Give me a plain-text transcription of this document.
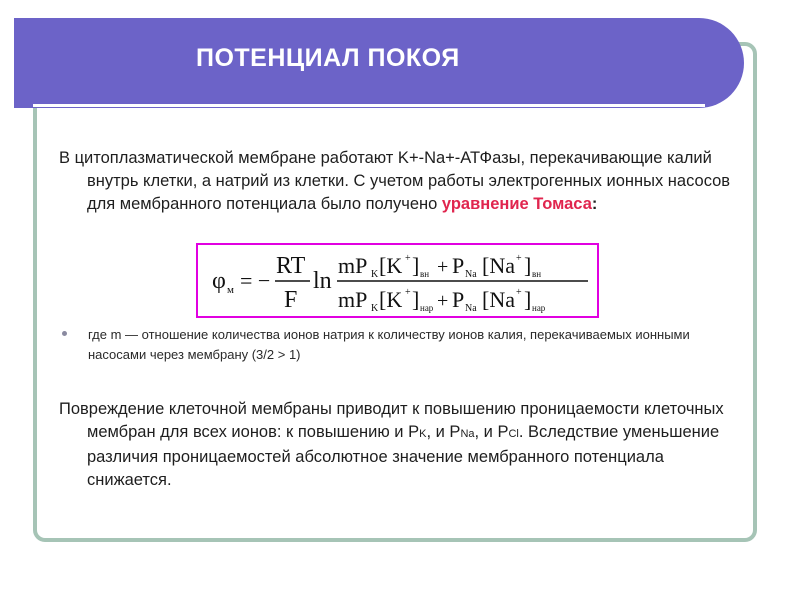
ПОТЕНЦИАЛ ПОКОЯ
В цитоплазматической мембране работают K+-Na+-АТФазы, перекачивающие калий внутрь клетки, а натрий из клетки. С учетом работы электрогенных ионных насосов для мембранного потенциала было получено уравнение Томаса:
φ м = −
RT
F
ln
mP K [K + ] вн + P Na [Na + ] вн
mP K [K + ] нар + P Na [Na + ] нар
где m — отношение количества ионов натрия к количеству ионов калия, перекачиваемых ионными насосами через мембрану (3/2 > 1)
Повреждение клеточной мембраны приводит к повышению проницаемости клеточных мембран для всех ионов: к повышению и PK, и PNa, и PCl. Вследствие уменьшение различия проницаемостей абсолютное значение мембранного потенциала снижается.
